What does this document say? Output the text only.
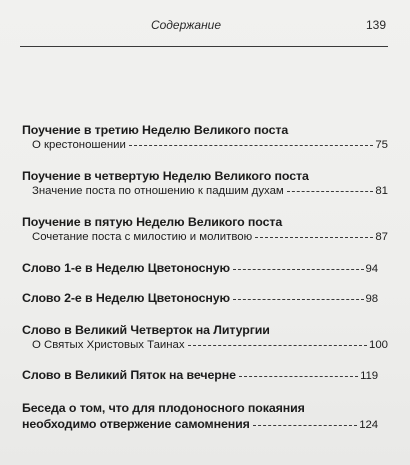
Содержание	139
Поучение в третию Неделю Великого поста
О крестоношении	75
Поучение в четвертую Неделю Великого поста
Значение поста по отношению к падшим духам	81
Поучение в пятую Неделю Великого поста
Сочетание поста с милостию и молитвою	87
Слово 1-е в Неделю Цветоносную	94
Слово 2-е в Неделю Цветоносную	98
Слово в Великий Четверток на Литургии
О Святых Христовых Таинах	100
Слово в Великий Пяток на вечерне	119
Беседа о том, что для плодоносного покаяния
необходимо отвержение самомнения	124
